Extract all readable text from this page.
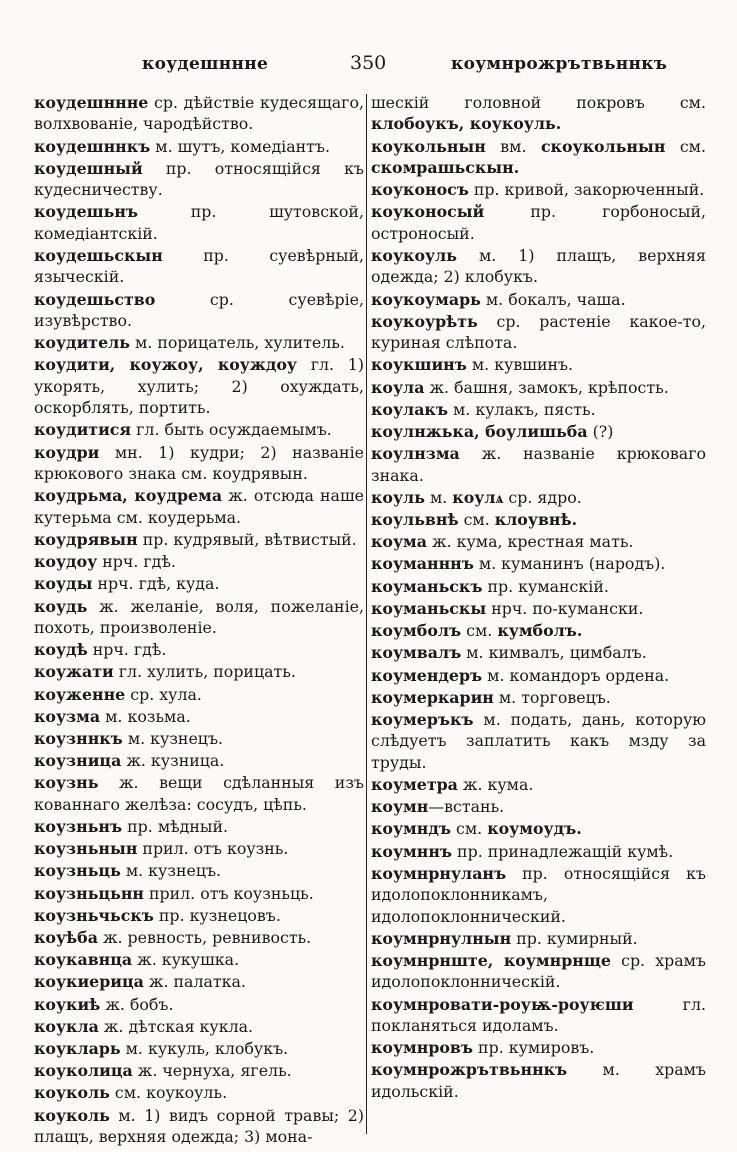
коудешннне	350	коумнрожрътвьннкъ
коудешннне ср. дѣйствіе кудесящаго, волхвованіе, чародѣйство.
коудешннкъ м. шутъ, комедіантъ.
коудешный пр. относящійся къ кудесничеству.
коудешьнъ пр. шутовской, комедіантскій.
коудешьскын пр. суевѣрный, языческій.
коудешьство ср. суевѣріе, изувѣрство.
коудитель м. порицатель, хулитель.
коудити, коужоу, коуждоу гл. 1) укорять, хулить; 2) охуждать, оскорблять, портить.
коудитися гл. быть осуждаемымъ.
коудри мн. 1) кудри; 2) названіе крюкового знака см. коудрявын.
коудрьма, коудрема ж. отсюда наше кутерьма см. коудерьма.
коудрявын пр. кудрявый, вѣтвистый.
коудоу нрч. гдѣ.
коуды нрч. гдѣ, куда.
коудь ж. желаніе, воля, пожеланіе, похоть, произволеніе.
коудѣ нрч. гдѣ.
коужати гл. хулить, порицать.
коуженне ср. хула.
коузма м. козьма.
коузннкъ м. кузнецъ.
коузница ж. кузница.
коузнь ж. вещи сдѣланныя изъ кованнаго желѣза: сосудъ, цѣпь.
коузньнъ пр. мѣдный.
коузньнын прил. отъ коузнь.
коузньць м. кузнецъ.
коузньцьнн прил. отъ коузньць.
коузньчьскъ пр. кузнецовъ.
коуѣба ж. ревность, ревнивость.
коукавнца ж. кукушка.
коукиерица ж. палатка.
коукиѣ ж. бобъ.
коукла ж. дѣтская кукла.
коукларь м. кукуль, клобукъ.
коуколица ж. чернуха, ягель.
коуколь см. коукоуль.
коуколь м. 1) видъ сорной травы; 2) плащъ, верхняя одежда; 3) мона-
шескій головной покровъ см. клобоукъ, коукоуль.
коукольнын вм. скоукольнын см. скомрашьскын.
коуконосъ пр. кривой, закорюченный.
коуконосый пр. горбоносый, остроносый.
коукоуль м. 1) плащъ, верхняя одежда; 2) клобукъ.
коукоумарь м. бокалъ, чаша.
коукоурѣть ср. растеніе какое-то, куриная слѣпота.
коукшинъ м. кувшинъ.
коула ж. башня, замокъ, крѣпость.
коулакъ м. кулакъ, пясть.
коулнжька, боулишьба (?)
коулнзма ж. названіе крюковаго знака.
коуль м. коулѧ ср. ядро.
коульвнѣ см. клоувнѣ.
коума ж. кума, крестная мать.
коуманннъ м. куманинъ (народъ).
коуманьскъ пр. куманскій.
коуманьскы нрч. по-кумански.
коумболъ см. кумболъ.
коумвалъ м. кимвалъ, цимбалъ.
коумендеръ м. командоръ ордена.
коумеркарин м. торговецъ.
коумеръкъ м. подать, дань, которую слѣдуетъ заплатить какъ мзду за труды.
коуметра ж. кума.
коумн—встань.
коумндъ см. коумоудъ.
коумннъ пр. принадлежащій кумѣ.
коумнрнуланъ пр. относящійся къ идолопоклонникамъ, идолопоклоннический.
коумнрнулнын пр. кумирный.
коумнрнште, коумнрнще ср. храмъ идолопоклонническій.
коумнровати-роуѭ-роуѥши гл. покланяться идоламъ.
коумнровъ пр. кумировъ.
коумнрожрътвьннкъ м. храмъ идольскій.
